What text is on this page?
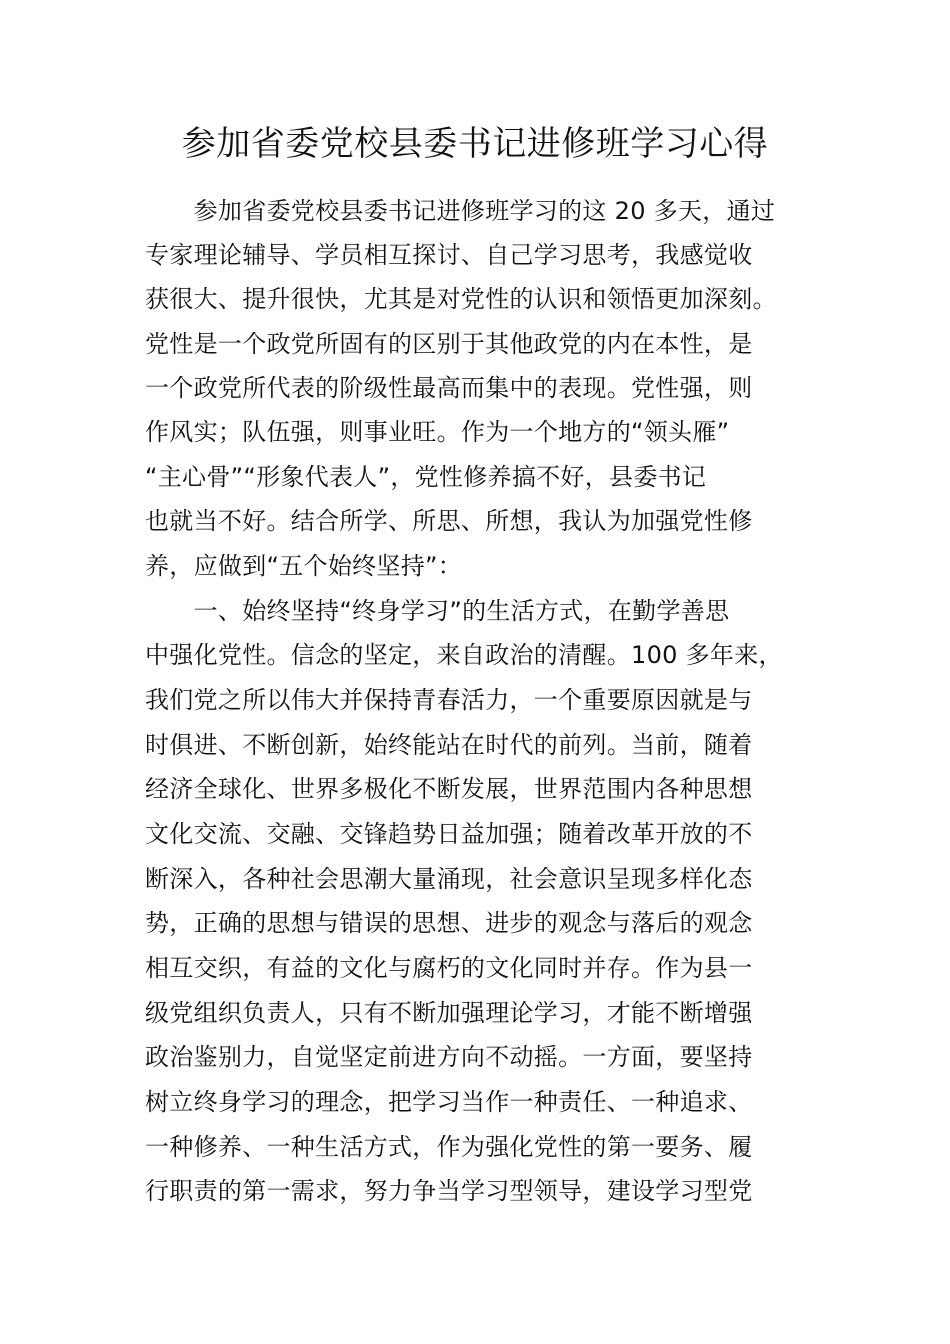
参加省委党校县委书记进修班学习心得
　　参加省委党校县委书记进修班学习的这 20 多天，通过
专家理论辅导、学员相互探讨、自己学习思考，我感觉收
获很大、提升很快，尤其是对党性的认识和领悟更加深刻。
党性是一个政党所固有的区别于其他政党的内在本性，是
一个政党所代表的阶级性最高而集中的表现。党性强，则
作风实；队伍强，则事业旺。作为一个地方的“领头雁”
“主心骨”“形象代表人”，党性修养搞不好，县委书记
也就当不好。结合所学、所思、所想，我认为加强党性修
养，应做到“五个始终坚持”：
　　一、始终坚持“终身学习”的生活方式，在勤学善思
中强化党性。信念的坚定，来自政治的清醒。100 多年来，
我们党之所以伟大并保持青春活力，一个重要原因就是与
时俱进、不断创新，始终能站在时代的前列。当前，随着
经济全球化、世界多极化不断发展，世界范围内各种思想
文化交流、交融、交锋趋势日益加强；随着改革开放的不
断深入，各种社会思潮大量涌现，社会意识呈现多样化态
势，正确的思想与错误的思想、进步的观念与落后的观念
相互交织，有益的文化与腐朽的文化同时并存。作为县一
级党组织负责人，只有不断加强理论学习，才能不断增强
政治鉴别力，自觉坚定前进方向不动摇。一方面，要坚持
树立终身学习的理念，把学习当作一种责任、一种追求、
一种修养、一种生活方式，作为强化党性的第一要务、履
行职责的第一需求，努力争当学习型领导，建设学习型党
